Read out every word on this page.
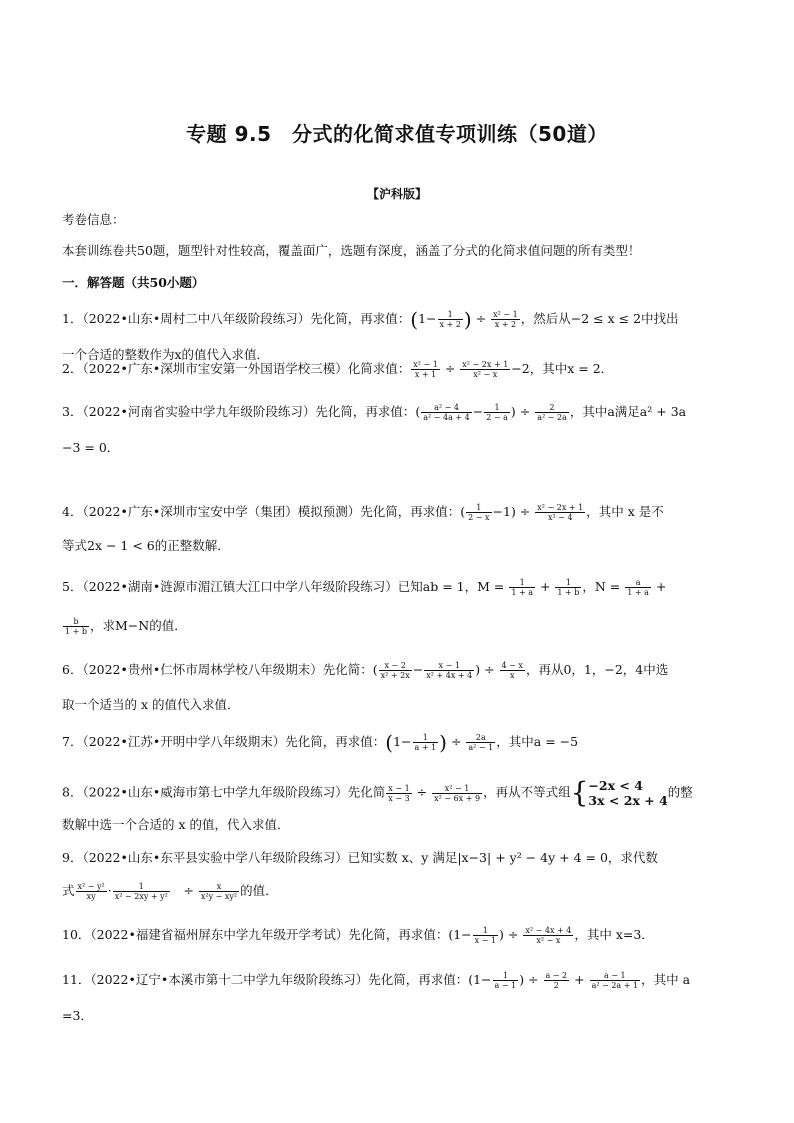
专题 9.5　分式的化简求值专项训练（50道）
【沪科版】
考卷信息：
本套训练卷共50题，题型针对性较高，覆盖面广，选题有深度，涵盖了分式的化简求值问题的所有类型！
一．解答题（共50小题）
1．（2022•山东•周村二中八年级阶段练习）先化简，再求值：($1- \frac{1}{x + 2}$ ) ÷ $\frac{\text{x² − 1}}{x + 2}$ ，然后从−2 ≤ x ≤ 2中找出
一个合适的整数作为x的值代入求值．
2．（2022•广东•深圳市宝安第一外国语学校三模）化简求值： $\frac{\text{x² − 1}}{x + 1} \div \frac{\text{x² − 2x + 1}}{\text{x² − x}} -2$，其中x = 2．
3．（2022•河南省实验中学九年级阶段练习）先化简，再求值：( $\frac{\text{a² − 4}}{\text{a² − 4a + 4}} - \frac{1}{2 - a}$ ) ÷ $\frac{2}{\text{a² − 2a}}$ ，其中a满足a² + 3a
−3 = 0．
4．（2022•广东•深圳市宝安中学（集团）模拟预测）先化简，再求值：( $\frac{1}{2 - x} -1) \div \frac{\text{x² − 2x + 1}}{\text{x² − 4}}$ ，其中 x 是不
等式2x − 1 < 6的正整数解．
5．（2022•湖南•涟源市湄江镇大江口中学八年级阶段练习）已知ab = 1，$M = \frac{1}{1 + a} + \frac{1}{1 + b}$ ，$N = \frac{a}{1 + a}$ +
$\frac{b}{1 + b}$ ，求M−N的值．
6．（2022•贵州•仁怀市周林学校八年级期末）先化简：( $\frac{x - 2}{\text{x² + 2x}} - \frac{x - 1}{\text{x² + 4x + 4}}$ ) ÷ $\frac{4 - x}{x}$ ，再从0，1，−2，4中选
取一个适当的 x 的值代入求值．
7．（2022•江苏•开明中学八年级期末）先化简，再求值：($1- \frac{1}{a + 1}$ ) ÷ $\frac{2a}{\text{a² − 1}}$ ，其中a = −5
8．（2022•山东•威海市第七中学九年级阶段练习）先化简 $\frac{x - 1}{x - 3} \div \frac{\text{x² − 1}}{\text{x² − 6x + 9}}$ ，再从不等式组{ −2x < 4
3x < 2x + 4
的整
数解中选一个合适的 x 的值，代入求值．
9．（2022•山东•东平县实验中学八年级阶段练习）已知实数 x、y 满足|x−3| + y² − 4y + 4 = 0，求代数
式 $\frac{\text{x² − y²}}{xy} \cdot \frac{1}{\text{x² − 2xy + y²}}$ 　÷ $\frac{x}{\text{x²y − xy²}}$ 的值．
10．（2022•福建省福州屏东中学九年级开学考试）先化简，再求值：($1- \frac{1}{x - 1}$ ) ÷ $\frac{\text{x² − 4x + 4}}{\text{x² − x}}$ ，其中 x=3．
11．（2022•辽宁•本溪市第十二中学九年级阶段练习）先化简，再求值：($1- \frac{1}{a - 1}$ ) ÷ $\frac{a - 2}{2} + \frac{a - 1}{\text{a² − 2a + 1}}$ ，其中 a
=3．
